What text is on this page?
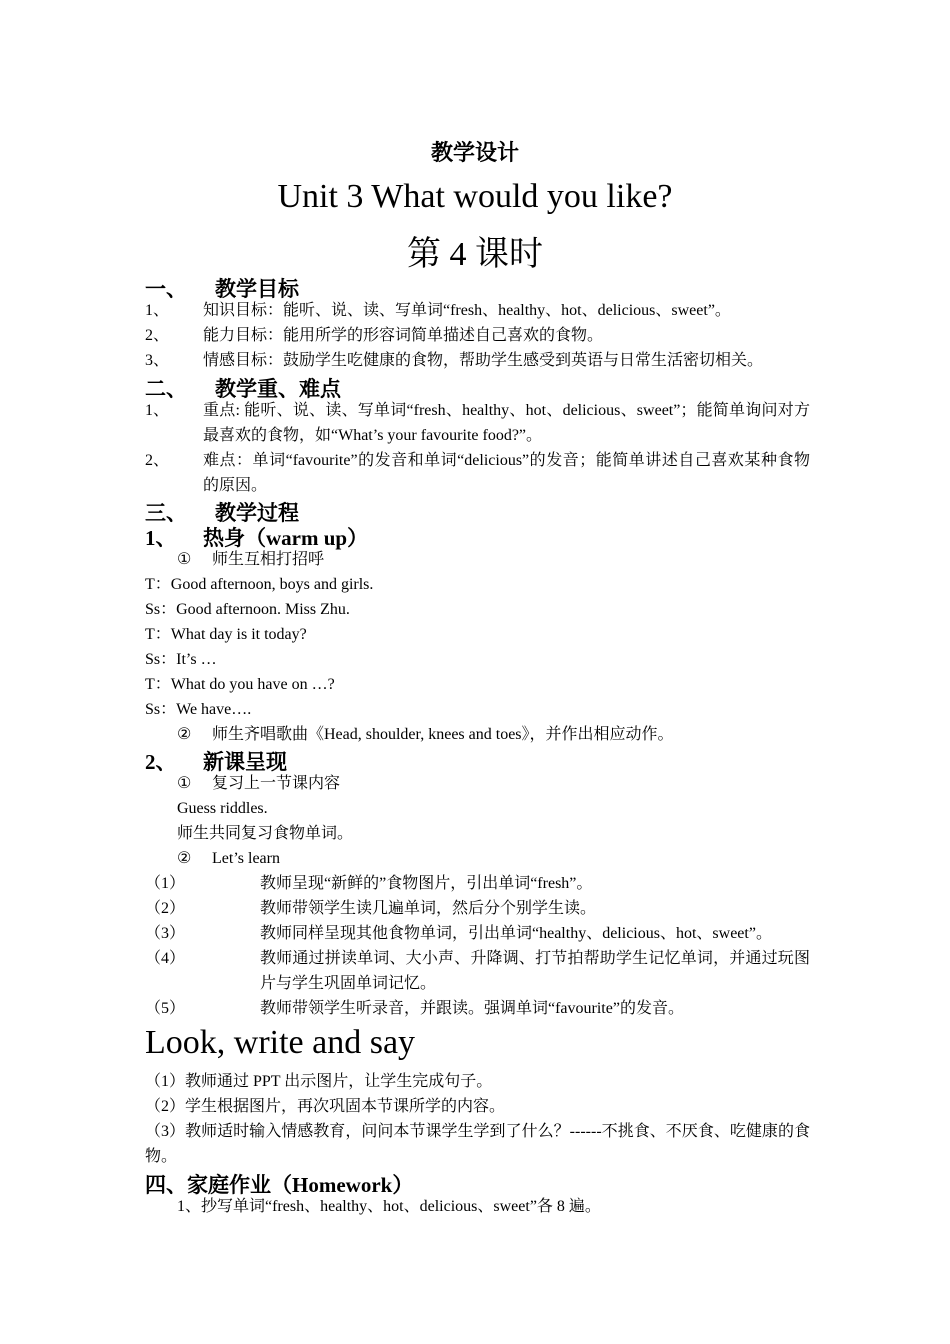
教学设计
Unit 3 What would you like?
第 4 课时
一、 教学目标
1、 知识目标：能听、说、读、写单词“fresh、healthy、hot、delicious、sweet”。
2、 能力目标：能用所学的形容词简单描述自己喜欢的食物。
3、 情感目标：鼓励学生吃健康的食物，帮助学生感受到英语与日常生活密切相关。
二、 教学重、难点
1、 重点: 能听、说、读、写单词“fresh、healthy、hot、delicious、sweet”；能简单询问对方最喜欢的食物，如“What’s your favourite food?”。
2、 难点：单词“favourite”的发音和单词“delicious”的发音；能简单讲述自己喜欢某种食物的原因。
三、 教学过程
1、 热身（warm up）
① 师生互相打招呼
T：Good afternoon, boys and girls.
Ss：Good afternoon. Miss Zhu.
T：What day is it today?
Ss：It’s …
T：What do you have on …?
Ss：We have….
② 师生齐唱歌曲《Head, shoulder, knees and toes》，并作出相应动作。
2、 新课呈现
① 复习上一节课内容
Guess riddles.
师生共同复习食物单词。
② Let’s learn
（1）	教师呈现“新鲜的”食物图片，引出单词“fresh”。
（2）	教师带领学生读几遍单词，然后分个别学生读。
（3）	教师同样呈现其他食物单词，引出单词“healthy、delicious、hot、sweet”。
（4）	教师通过拼读单词、大小声、升降调、打节拍帮助学生记忆单词，并通过玩图片与学生巩固单词记忆。
（5）	教师带领学生听录音，并跟读。强调单词“favourite”的发音。
Look, write and say
（1）教师通过 PPT 出示图片，让学生完成句子。
（2）学生根据图片，再次巩固本节课所学的内容。
（3）教师适时输入情感教育，问问本节课学生学到了什么？------不挑食、不厌食、吃健康的食物。
四、家庭作业（Homework）
1、抄写单词“fresh、healthy、hot、delicious、sweet”各 8 遍。
